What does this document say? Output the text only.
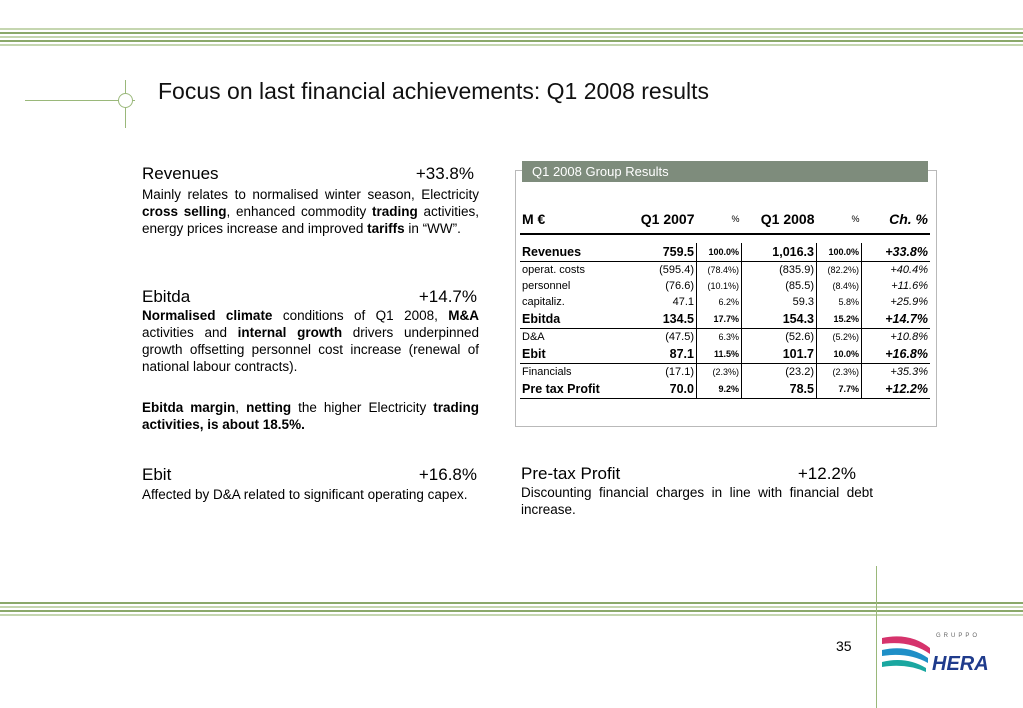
Focus on last financial achievements: Q1 2008 results
Revenues	+33.8%
Mainly relates to normalised winter season, Electricity cross selling, enhanced commodity trading activities, energy prices increase and improved tariffs in “WW”.
Ebitda	+14.7%
Normalised climate conditions of Q1 2008, M&A activities and internal growth drivers underpinned growth offsetting personnel cost increase (renewal of national labour contracts).
Ebitda margin, netting the higher Electricity trading activities, is about 18.5%.
Ebit	+16.8%
Affected by D&A related to significant operating capex.
Q1 2008 Group Results
M €	Q1 2007	%	Q1 2008	%	Ch. %

Revenues	759.5	100.0%	1,016.3	100.0%	+33.8%
operat. costs	(595.4)	(78.4%)	(835.9)	(82.2%)	+40.4%
personnel	(76.6)	(10.1%)	(85.5)	(8.4%)	+11.6%
capitaliz.	47.1	6.2%	59.3	5.8%	+25.9%
Ebitda	134.5	17.7%	154.3	15.2%	+14.7%
D&A	(47.5)	6.3%	(52.6)	(5.2%)	+10.8%
Ebit	87.1	11.5%	101.7	10.0%	+16.8%
Financials	(17.1)	(2.3%)	(23.2)	(2.3%)	+35.3%
Pre tax Profit	70.0	9.2%	78.5	7.7%	+12.2%
Pre-tax Profit	+12.2%
Discounting financial charges in line with financial debt increase.
35
GRUPPO
HERA
